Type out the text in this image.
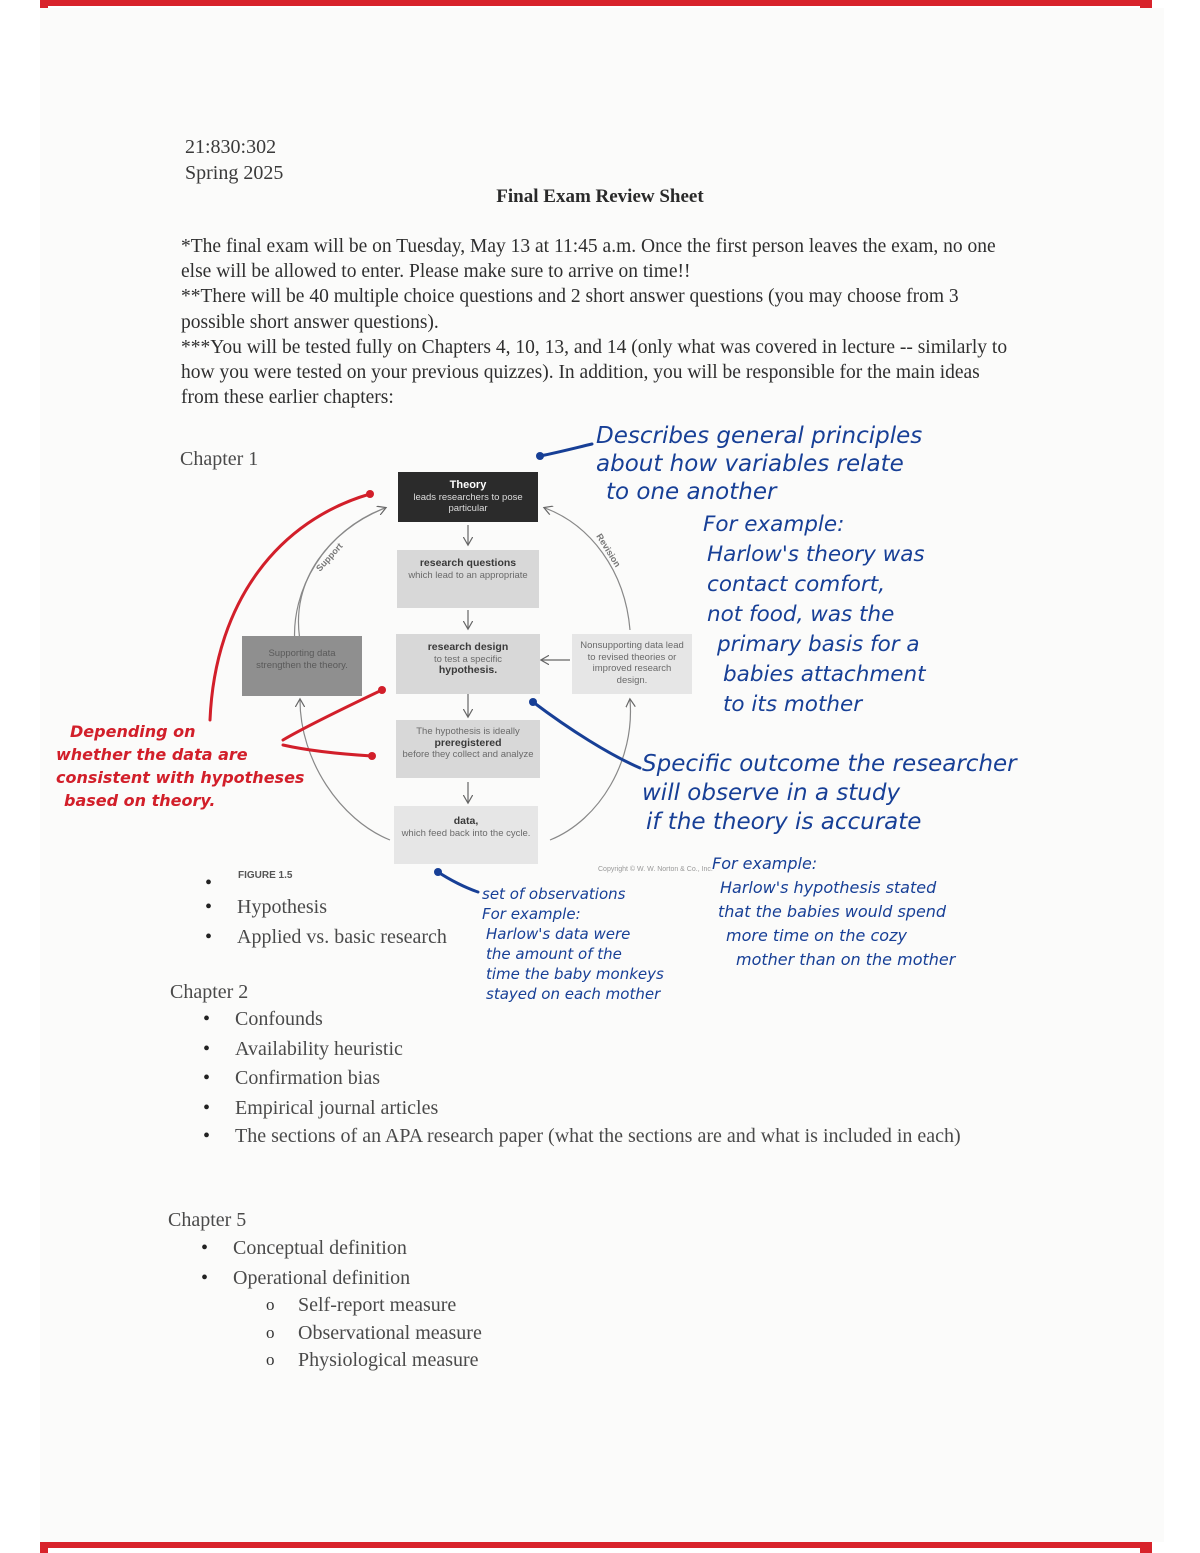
21:830:302
Spring 2025
Final Exam Review Sheet

*The final exam will be on Tuesday, May 13 at 11:45 a.m. Once the first person leaves the exam, no one else will be allowed to enter. Please make sure to arrive on time!!

**There will be 40 multiple choice questions and 2 short answer questions (you may choose from 3 possible short answer questions).

***You will be tested fully on Chapters 4, 10, 13, and 14 (only what was covered in lecture -- similarly to how you were tested on your previous quizzes). In addition, you will be responsible for the main ideas from these earlier chapters:

Chapter 1
Support	Revision
Theory
leads researchers to pose particular
research questions
which lead to an appropriate
research design
to test a specific
hypothesis.
The hypothesis is ideally
preregistered
before they collect and analyze
data,
which feed back into the cycle.
Supporting data strengthen the theory.
Nonsupporting data lead to revised theories or improved research design.
FIGURE 1.5
Copyright © W. W. Norton & Co., Inc.
•
• Hypothesis
• Applied vs. basic research
Chapter 2
• Confounds
• Availability heuristic
• Confirmation bias
• Empirical journal articles
• The sections of an APA research paper (what the sections are and what is included in each)
Chapter 5
• Conceptual definition
• Operational definition
o Self-report measure
o Observational measure
o Physiological measure
Describes general principles
about how variables relate
to one another
For example:
Harlow's theory was
contact comfort,
not food, was the
primary basis for a
babies attachment
to its mother
Specific outcome the researcher
will observe in a study
if the theory is accurate
For example:
Harlow's hypothesis stated
that the babies would spend
more time on the cozy
mother than on the mother
set of observations
For example:
Harlow's data were
the amount of the
time the baby monkeys
stayed on each mother
Depending on
whether the data are
consistent with hypotheses
based on theory.
